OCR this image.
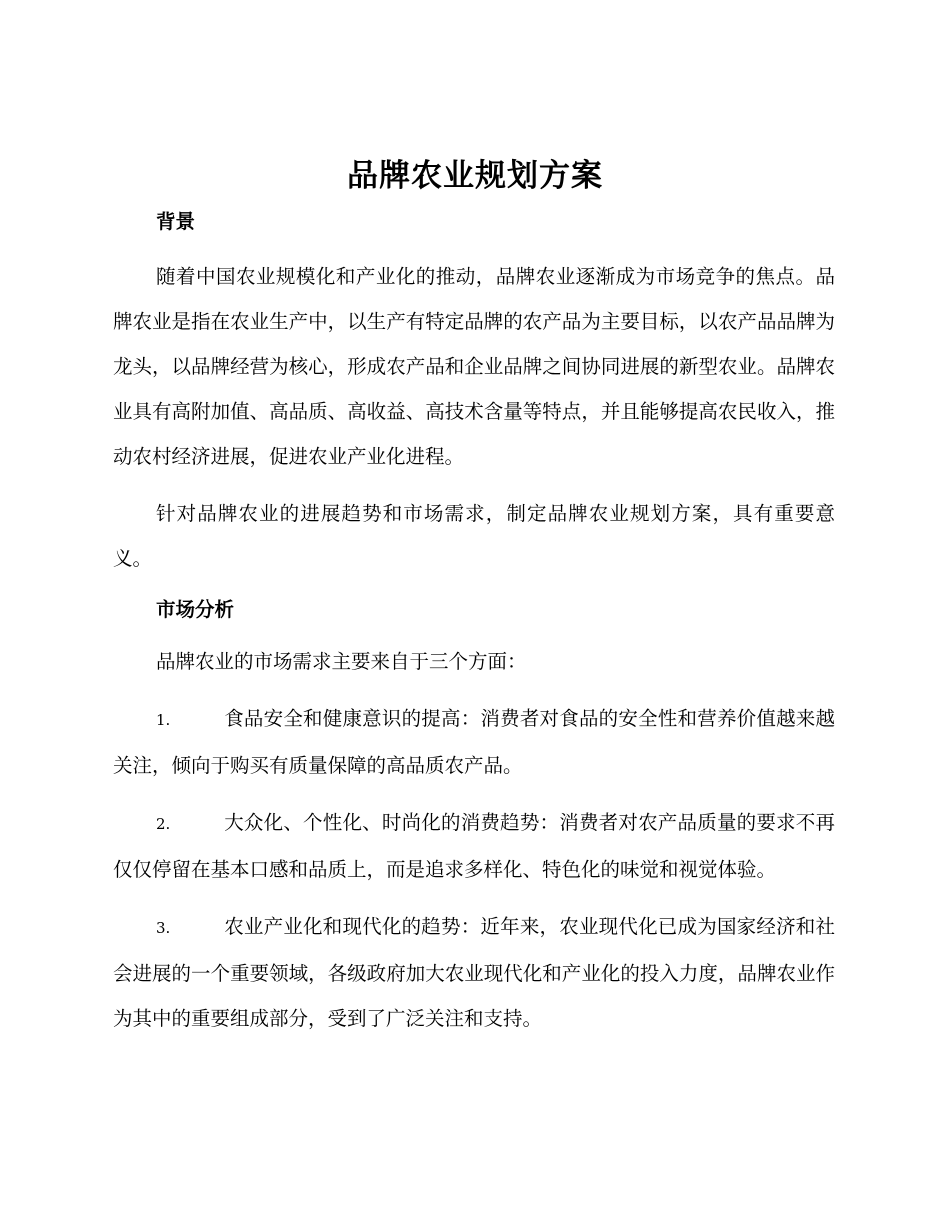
品牌农业规划方案

背景

随着中国农业规模化和产业化的推动，品牌农业逐渐成为市场竞争的焦点。品牌农业是指在农业生产中，以生产有特定品牌的农产品为主要目标，以农产品品牌为龙头，以品牌经营为核心，形成农产品和企业品牌之间协同进展的新型农业。品牌农业具有高附加值、高品质、高收益、高技术含量等特点，并且能够提高农民收入，推动农村经济进展，促进农业产业化进程。

针对品牌农业的进展趋势和市场需求，制定品牌农业规划方案，具有重要意义。

市场分析

品牌农业的市场需求主要来自于三个方面：

1.	食品安全和健康意识的提高：消费者对食品的安全性和营养价值越来越关注，倾向于购买有质量保障的高品质农产品。

2.	大众化、个性化、时尚化的消费趋势：消费者对农产品质量的要求不再仅仅停留在基本口感和品质上，而是追求多样化、特色化的味觉和视觉体验。

3.	农业产业化和现代化的趋势：近年来，农业现代化已成为国家经济和社会进展的一个重要领域，各级政府加大农业现代化和产业化的投入力度，品牌农业作为其中的重要组成部分，受到了广泛关注和支持。
